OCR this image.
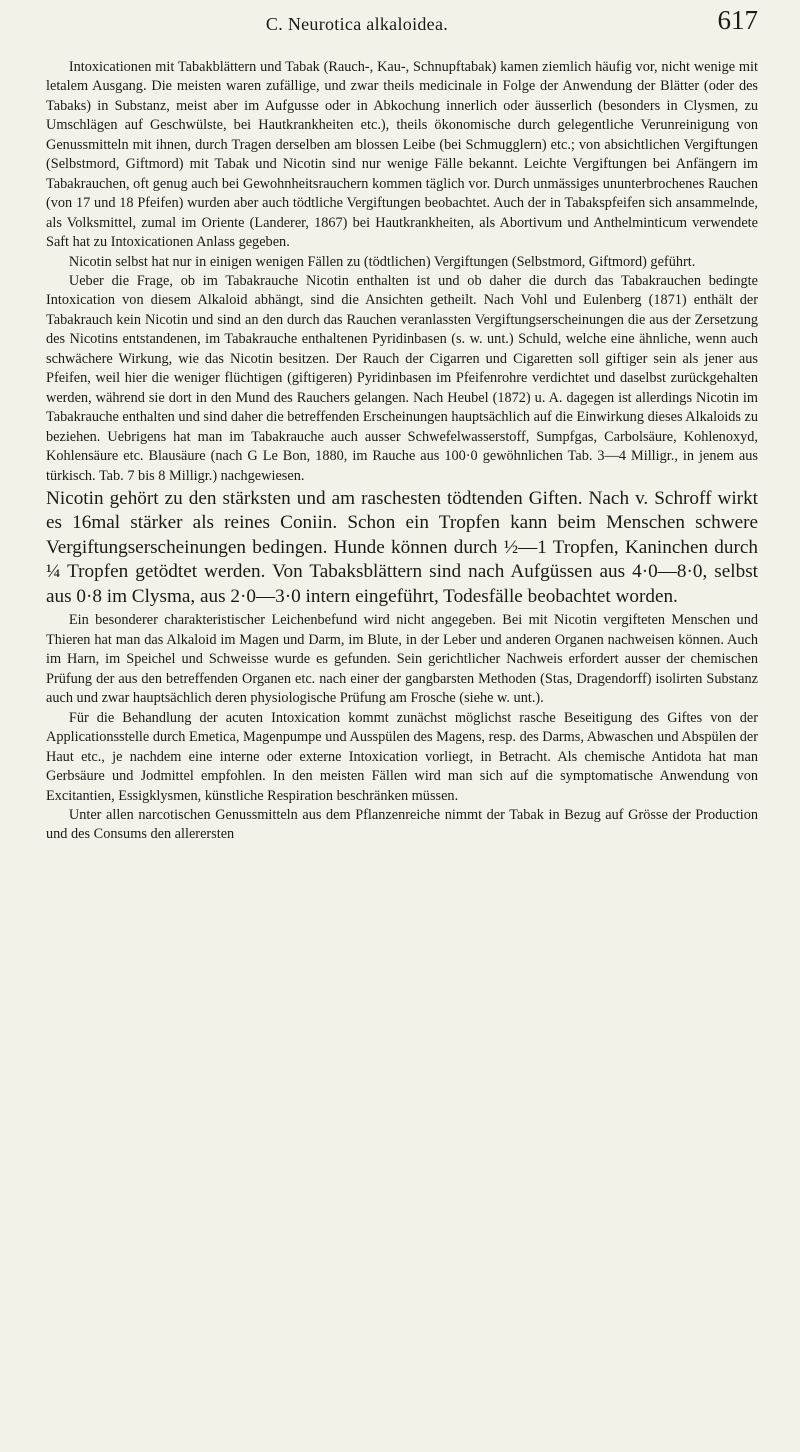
C. Neurotica alkaloidea.	617

Intoxicationen mit Tabakblättern und Tabak (Rauch-, Kau-, Schnupftabak) kamen ziemlich häufig vor, nicht wenige mit letalem Ausgang. Die meisten waren zufällige, und zwar theils medicinale in Folge der Anwendung der Blätter (oder des Tabaks) in Substanz, meist aber im Aufgusse oder in Abkochung innerlich oder äusserlich (besonders in Clysmen, zu Umschlägen auf Geschwülste, bei Hautkrankheiten etc.), theils ökonomische durch gelegentliche Verunreinigung von Genussmitteln mit ihnen, durch Tragen derselben am blossen Leibe (bei Schmugglern) etc.; von absichtlichen Vergiftungen (Selbstmord, Giftmord) mit Tabak und Nicotin sind nur wenige Fälle bekannt. Leichte Vergiftungen bei Anfängern im Tabakrauchen, oft genug auch bei Gewohnheitsrauchern kommen täglich vor. Durch unmässiges ununterbrochenes Rauchen (von 17 und 18 Pfeifen) wurden aber auch tödtliche Vergiftungen beobachtet. Auch der in Tabakspfeifen sich ansammelnde, als Volksmittel, zumal im Oriente (Landerer, 1867) bei Hautkrankheiten, als Abortivum und Anthelminticum verwendete Saft hat zu Intoxicationen Anlass gegeben.

Nicotin selbst hat nur in einigen wenigen Fällen zu (tödtlichen) Vergiftungen (Selbstmord, Giftmord) geführt.

Ueber die Frage, ob im Tabakrauche Nicotin enthalten ist und ob daher die durch das Tabakrauchen bedingte Intoxication von diesem Alkaloid abhängt, sind die Ansichten getheilt. Nach Vohl und Eulenberg (1871) enthält der Tabakrauch kein Nicotin und sind an den durch das Rauchen veranlassten Vergiftungserscheinungen die aus der Zersetzung des Nicotins entstandenen, im Tabakrauche enthaltenen Pyridinbasen (s. w. unt.) Schuld, welche eine ähnliche, wenn auch schwächere Wirkung, wie das Nicotin besitzen. Der Rauch der Cigarren und Cigaretten soll giftiger sein als jener aus Pfeifen, weil hier die weniger flüchtigen (giftigeren) Pyridinbasen im Pfeifenrohre verdichtet und daselbst zurückgehalten werden, während sie dort in den Mund des Rauchers gelangen. Nach Heubel (1872) u. A. dagegen ist allerdings Nicotin im Tabakrauche enthalten und sind daher die betreffenden Erscheinungen hauptsächlich auf die Einwirkung dieses Alkaloids zu beziehen. Uebrigens hat man im Tabakrauche auch ausser Schwefelwasserstoff, Sumpfgas, Carbolsäure, Kohlenoxyd, Kohlensäure etc. Blausäure (nach G Le Bon, 1880, im Rauche aus 100·0 gewöhnlichen Tab. 3—4 Milligr., in jenem aus türkisch. Tab. 7 bis 8 Milligr.) nachgewiesen.

Nicotin gehört zu den stärksten und am raschesten tödtenden Giften. Nach v. Schroff wirkt es 16mal stärker als reines Coniin. Schon ein Tropfen kann beim Menschen schwere Vergiftungserscheinungen bedingen. Hunde können durch ½—1 Tropfen, Kaninchen durch ¼ Tropfen getödtet werden. Von Tabaksblättern sind nach Aufgüssen aus 4·0—8·0, selbst aus 0·8 im Clysma, aus 2·0—3·0 intern eingeführt, Todesfälle beobachtet worden.

Ein besonderer charakteristischer Leichenbefund wird nicht angegeben. Bei mit Nicotin vergifteten Menschen und Thieren hat man das Alkaloid im Magen und Darm, im Blute, in der Leber und anderen Organen nachweisen können. Auch im Harn, im Speichel und Schweisse wurde es gefunden. Sein gerichtlicher Nachweis erfordert ausser der chemischen Prüfung der aus den betreffenden Organen etc. nach einer der gangbarsten Methoden (Stas, Dragendorff) isolirten Substanz auch und zwar hauptsächlich deren physiologische Prüfung am Frosche (siehe w. unt.).

Für die Behandlung der acuten Intoxication kommt zunächst möglichst rasche Beseitigung des Giftes von der Applicationsstelle durch Emetica, Magenpumpe und Ausspülen des Magens, resp. des Darms, Abwaschen und Abspülen der Haut etc., je nachdem eine interne oder externe Intoxication vorliegt, in Betracht. Als chemische Antidota hat man Gerbsäure und Jodmittel empfohlen. In den meisten Fällen wird man sich auf die symptomatische Anwendung von Excitantien, Essigklysmen, künstliche Respiration beschränken müssen.

Unter allen narcotischen Genussmitteln aus dem Pflanzenreiche nimmt der Tabak in Bezug auf Grösse der Production und des Consums den allerersten
